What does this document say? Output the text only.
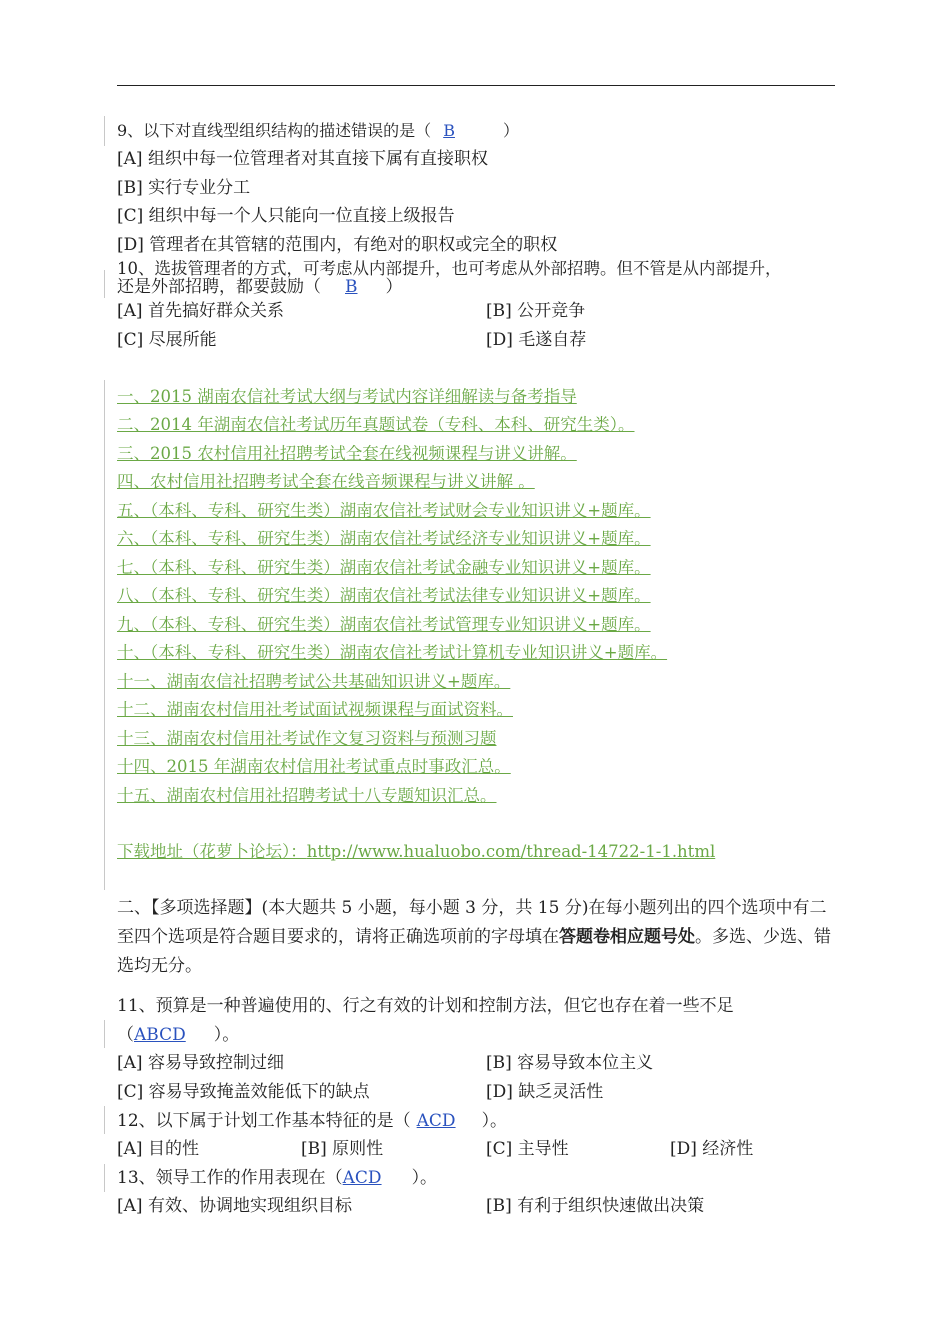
9、以下对直线型组织结构的描述错误的是（ B	）
[A] 组织中每一位管理者对其直接下属有直接职权
[B] 实行专业分工
[C] 组织中每一个人只能向一位直接上级报告
[D] 管理者在其管辖的范围内，有绝对的职权或完全的职权
10、选拔管理者的方式，可考虑从内部提升，也可考虑从外部招聘。但不管是从内部提升，
还是外部招聘，都要鼓励（ B ）
[A] 首先搞好群众关系	[B] 公开竞争
[C] 尽展所能	[D] 毛遂自荐
一、2015 湖南农信社考试大纲与考试内容详细解读与备考指导
二、2014 年湖南农信社考试历年真题试卷（专科、本科、研究生类）。
三、2015 农村信用社招聘考试全套在线视频课程与讲义讲解。
四、农村信用社招聘考试全套在线音频课程与讲义讲解 。
五、（本科、专科、研究生类）湖南农信社考试财会专业知识讲义+题库。
六、（本科、专科、研究生类）湖南农信社考试经济专业知识讲义+题库。
七、（本科、专科、研究生类）湖南农信社考试金融专业知识讲义+题库。
八、（本科、专科、研究生类）湖南农信社考试法律专业知识讲义+题库。
九、（本科、专科、研究生类）湖南农信社考试管理专业知识讲义+题库。
十、（本科、专科、研究生类）湖南农信社考试计算机专业知识讲义+题库。
十一、湖南农信社招聘考试公共基础知识讲义+题库。
十二、湖南农村信用社考试面试视频课程与面试资料。
十三、湖南农村信用社考试作文复习资料与预测习题
十四、2015 年湖南农村信用社考试重点时事政汇总。
十五、湖南农村信用社招聘考试十八专题知识汇总。
下载地址（花萝卜论坛）：http://www.hualuobo.com/thread-14722-1-1.html
二、【多项选择题】(本大题共 5 小题，每小题 3 分，共 15 分)在每小题列出的四个选项中有二至四个选项是符合题目要求的，请将正确选项前的字母填在答题卷相应题号处。多选、少选、错选均无分。
11、预算是一种普遍使用的、行之有效的计划和控制方法，但它也存在着一些不足
（ABCD ）。
[A] 容易导致控制过细	[B] 容易导致本位主义
[C] 容易导致掩盖效能低下的缺点	[D] 缺乏灵活性
12、以下属于计划工作基本特征的是（ ACD ）。
[A] 目的性	[B] 原则性	[C] 主导性	[D] 经济性
13、领导工作的作用表现在（ACD ）。
[A] 有效、协调地实现组织目标	[B] 有利于组织快速做出决策
